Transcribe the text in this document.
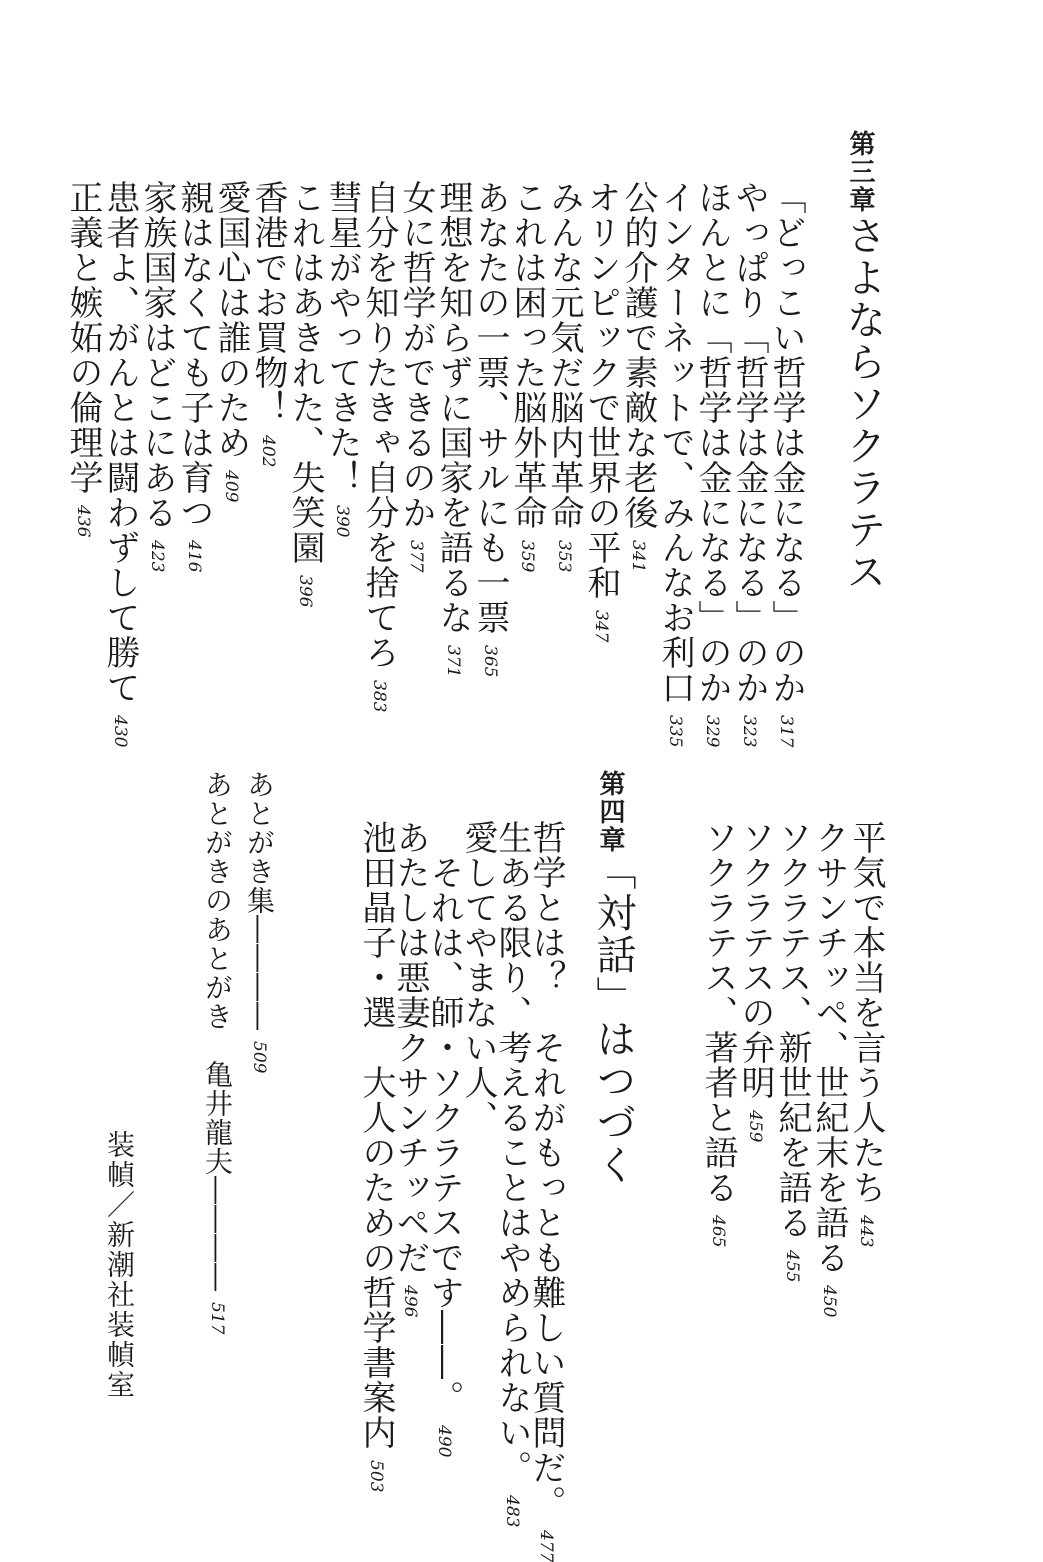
第三章
さよならソクラテス
「どっこい哲学は金になる」のか317
やっぱり「哲学は金になる」のか323
ほんとに「哲学は金になる」のか329
インターネットで、みんなお利口335
公的介護で素敵な老後341
オリンピックで世界の平和347
みんな元気だ脳内革命353
これは困った脳外革命359
あなたの一票、サルにも一票365
理想を知らずに国家を語るな371
女に哲学ができるのか377
自分を知りたきゃ自分を捨てろ383
彗星がやってきた！390
これはあきれた、失笑園396
香港でお買物！402
愛国心は誰のため409
親はなくても子は育つ416
家族国家はどこにある423
患者よ、がんとは闘わずして勝て430
正義と嫉妬の倫理学436
平気で本当を言う人たち443
クサンチッペ、世紀末を語る450
ソクラテス、新世紀を語る455
ソクラテスの弁明459
ソクラテス、著者と語る465
第四章
「対話」はつづく
哲学とは？　それがもっとも難しい質問だ。477
生ある限り、考えることはやめられない。483
愛してやまない人、
　それは、師・ソクラテスです――。490
あたしは悪妻クサンチッペだ496
池田晶子・選　大人のための哲学書案内503
あとがき集――――509
あとがきのあとがき　亀井龍夫――――517
装幀／新潮社装幀室
